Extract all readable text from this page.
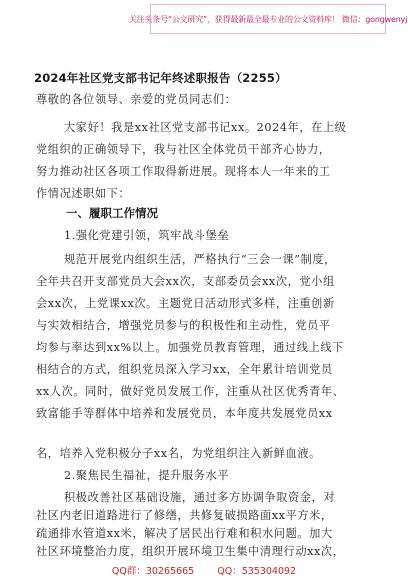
关注头条号“公文研究”，获得最新最全最专业的公文资料库！ 微信：gongwenyj
2024年社区党支部书记年终述职报告（2255）
尊敬的各位领导、亲爱的党员同志们：
大家好！我是xx社区党支部书记xx。2024年，在上级
党组织的正确领导下，我与社区全体党员干部齐心协力，
努力推动社区各项工作取得新进展。现将本人一年来的工
作情况述职如下：
一、履职工作情况
1.强化党建引领，筑牢战斗堡垒
规范开展党内组织生活，严格执行“三会一课”制度，
全年共召开支部党员大会xx次，支部委员会xx次，党小组
会xx次，上党课xx次。主题党日活动形式多样，注重创新
与实效相结合，增强党员参与的积极性和主动性，党员平
均参与率达到xx%以上。加强党员教育管理，通过线上线下
相结合的方式，组织党员深入学习xx，全年累计培训党员
xx人次。同时，做好党员发展工作，注重从社区优秀青年、
致富能手等群体中培养和发展党员，本年度共发展党员xx
名，培养入党积极分子xx名，为党组织注入新鲜血液。
2.聚焦民生福祉，提升服务水平
积极改善社区基础设施，通过多方协调争取资金，对
社区内老旧道路进行了修缮，共修复破损路面xx平方米，
QQ群：30265665 QQ：535304092
疏通排水管道xx米，解决了居民出行难和积水问题。加大
社区环境整治力度，组织开展环境卫生集中清理行动xx次，
